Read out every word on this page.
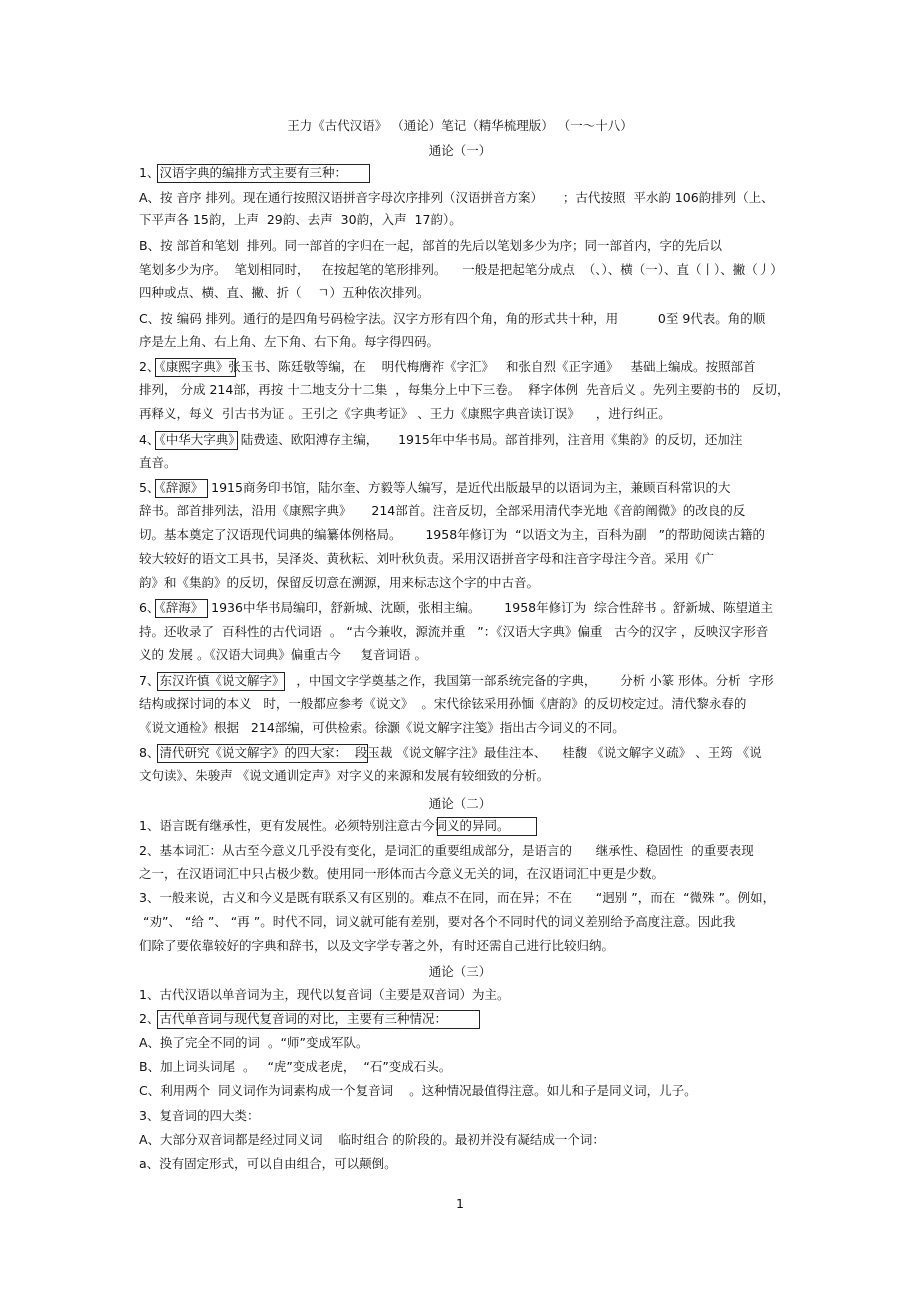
王力《古代汉语》 （通论）笔记（精华梳理版） （一～十八）
通论（一）
1、汉语字典的编排方式主要有三种：
A、按 音序 排列。现在通行按照汉语拼音字母次序排列（汉语拼音方案）     ；古代按照  平水韵 106韵排列（上、
下平声各 15韵，上声  29韵、去声  30韵，入声  17韵）。
B、按 部首和笔划  排列。同一部首的字归在一起，部首的先后以笔划多少为序；同一部首内，字的先后以
笔划多少为序。  笔划相同时，   在按起笔的笔形排列。    一般是把起笔分成点  （、）、横（一）、直（丨）、撇（丿）
四种或点、横、直、撇、折（    ㄱ）五种依次排列。
C、按 编码 排列。通行的是四角号码检字法。汉字方形有四个角，角的形式共十种，用          0至 9代表。角的顺
序是左上角、右上角、左下角、右下角。每字得四码。
2、《康熙字典》张玉书、陈廷敬等编，在    明代梅膺祚《字汇》   和张自烈《正字通》   基础上编成。按照部首
排列， 分成 214部，再按 十二地支分十二集  ，每集分上中下三卷。  释字体例  先音后义 。先列主要韵书的   反切，
再释义，每义  引古书为证 。王引之《字典考证》 、王力《康熙字典音读订误》    ，进行纠正。
4、《中华大字典》陆费逵、欧阳溥存主编，     1915年中华书局。部首排列，注音用《集韵》的反切，还加注
直音。
5、《辞源》  1915商务印书馆，陆尔奎、方毅等人编写，是近代出版最早的以语词为主，兼顾百科常识的大
辞书。部首排列法，沿用《康熙字典》     214部首。注音反切，全部采用清代李光地《音韵阐微》的改良的反
切。基本奠定了汉语现代词典的编纂体例格局。      1958年修订为  “以语文为主，百科为副   ”的帮助阅读古籍的
较大较好的语文工具书，吴泽炎、黄秋耘、刘叶秋负责。采用汉语拼音字母和注音字母注今音。采用《广
韵》和《集韵》的反切，保留反切意在溯源，用来标志这个字的中古音。
6、《辞海》  1936中华书局编印，舒新城、沈颐，张相主编。      1958年修订为  综合性辞书 。舒新城、陈望道主
持。还收录了  百科性的古代词语  。 “古今兼收，源流并重   ”：《汉语大字典》偏重   古今的汉字 ，反映汉字形音
义的 发展 。《汉语大词典》偏重古今     复音词语 。
7、东汉许慎《说文解字》   ，中国文字学奠基之作，我国第一部系统完备的字典，      分析 小篆 形体。分析  字形
结构或探讨词的本义   时，一般都应参考《说文》  。宋代徐铉采用孙愐《唐韵》的反切校定过。清代黎永春的
《说文通检》根据   214部编，可供检索。徐灏《说文解字注笺》指出古今词义的不同。
8、清代研究《说文解字》的四大家：  段玉裁 《说文解字注》最佳注本、    桂馥 《说文解字义疏》 、王筠 《说
文句读》、朱骏声 《说文通训定声》对字义的来源和发展有较细致的分析。
通论（二）
1、语言既有继承性，更有发展性。必须特别注意古今词义的异同。
2、基本词汇：从古至今意义几乎没有变化，是词汇的重要组成部分，是语言的      继承性、稳固性  的重要表现
之一，在汉语词汇中只占极少数。使用同一形体而古今意义无关的词，在汉语词汇中更是少数。
3、一般来说，古义和今义是既有联系又有区别的。难点不在同，而在异；不在      “迥别 ”，而在  “微殊 ”。例如，
“劝”、 “给 ”、 “再 ”。时代不同，词义就可能有差别，要对各个不同时代的词义差别给予高度注意。因此我
们除了要依靠较好的字典和辞书，以及文字学专著之外，有时还需自己进行比较归纳。
通论（三）
1、古代汉语以单音词为主，现代以复音词（主要是双音词）为主。
2、古代单音词与现代复音词的对比，主要有三种情况：
A、换了完全不同的词  。“师”变成军队。
B、加上词头词尾  。   “虎”变成老虎，  “石”变成石头。
C、利用两个  同义词作为词素构成一个复音词    。这种情况最值得注意。如儿和子是同义词，儿子。
3、复音词的四大类：
A、大部分双音词都是经过同义词    临时组合 的阶段的。最初并没有凝结成一个词：
a、没有固定形式，可以自由组合，可以颠倒。
1
